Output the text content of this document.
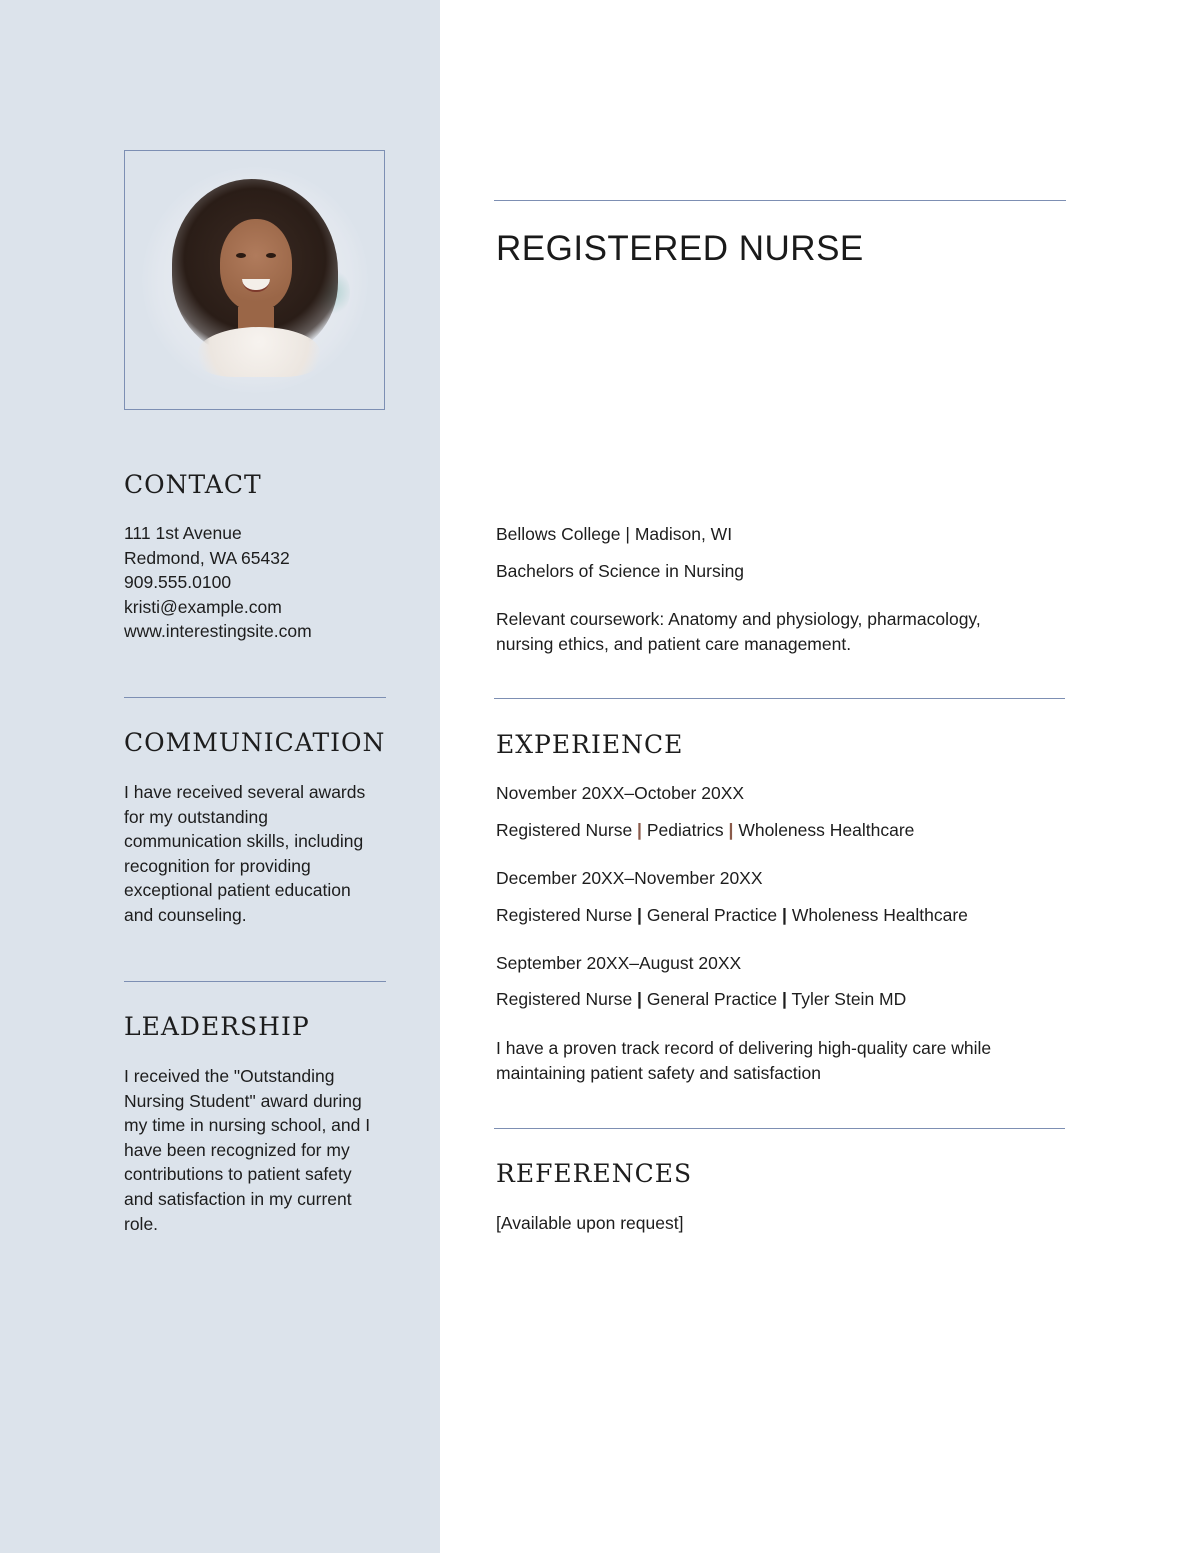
CONTACT
111 1st Avenue
Redmond, WA 65432
909.555.0100
kristi@example.com
www.interestingsite.com
COMMUNICATION
I have received several awards
for my outstanding
communication skills, including
recognition for providing
exceptional patient education
and counseling.
LEADERSHIP
I received the "Outstanding
Nursing Student" award during
my time in nursing school, and I
have been recognized for my
contributions to patient safety
and satisfaction in my current
role.
REGISTERED NURSE
Bellows College | Madison, WI
Bachelors of Science in Nursing
Relevant coursework: Anatomy and physiology, pharmacology,
nursing ethics, and patient care management.
EXPERIENCE
November 20XX–October 20XX
Registered Nurse | Pediatrics | Wholeness Healthcare
December 20XX–November 20XX
Registered Nurse | General Practice | Wholeness Healthcare
September 20XX–August 20XX
Registered Nurse | General Practice | Tyler Stein MD
I have a proven track record of delivering high-quality care while
maintaining patient safety and satisfaction
REFERENCES
[Available upon request]
